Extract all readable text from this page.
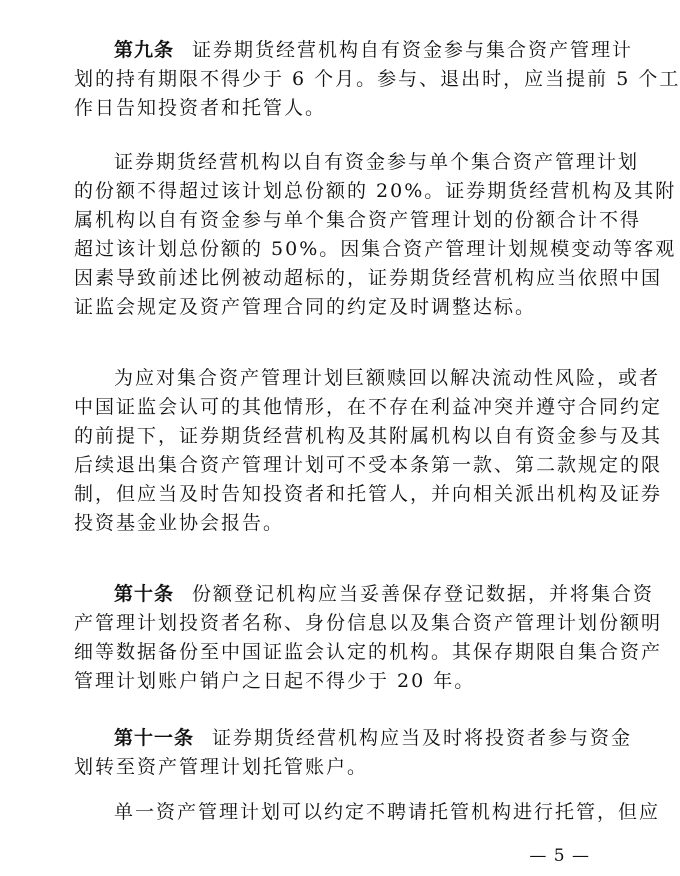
第九条 证券期货经营机构自有资金参与集合资产管理计
划的持有期限不得少于 6 个月。参与、退出时，应当提前 5 个工
作日告知投资者和托管人。
证券期货经营机构以自有资金参与单个集合资产管理计划
的份额不得超过该计划总份额的 20%。证券期货经营机构及其附
属机构以自有资金参与单个集合资产管理计划的份额合计不得
超过该计划总份额的 50%。因集合资产管理计划规模变动等客观
因素导致前述比例被动超标的，证券期货经营机构应当依照中国
证监会规定及资产管理合同的约定及时调整达标。
为应对集合资产管理计划巨额赎回以解决流动性风险，或者
中国证监会认可的其他情形，在不存在利益冲突并遵守合同约定
的前提下，证券期货经营机构及其附属机构以自有资金参与及其
后续退出集合资产管理计划可不受本条第一款、第二款规定的限
制，但应当及时告知投资者和托管人，并向相关派出机构及证券
投资基金业协会报告。
第十条 份额登记机构应当妥善保存登记数据，并将集合资
产管理计划投资者名称、身份信息以及集合资产管理计划份额明
细等数据备份至中国证监会认定的机构。其保存期限自集合资产
管理计划账户销户之日起不得少于 20 年。
第十一条 证券期货经营机构应当及时将投资者参与资金
划转至资产管理计划托管账户。
单一资产管理计划可以约定不聘请托管机构进行托管，但应
— 5 —
